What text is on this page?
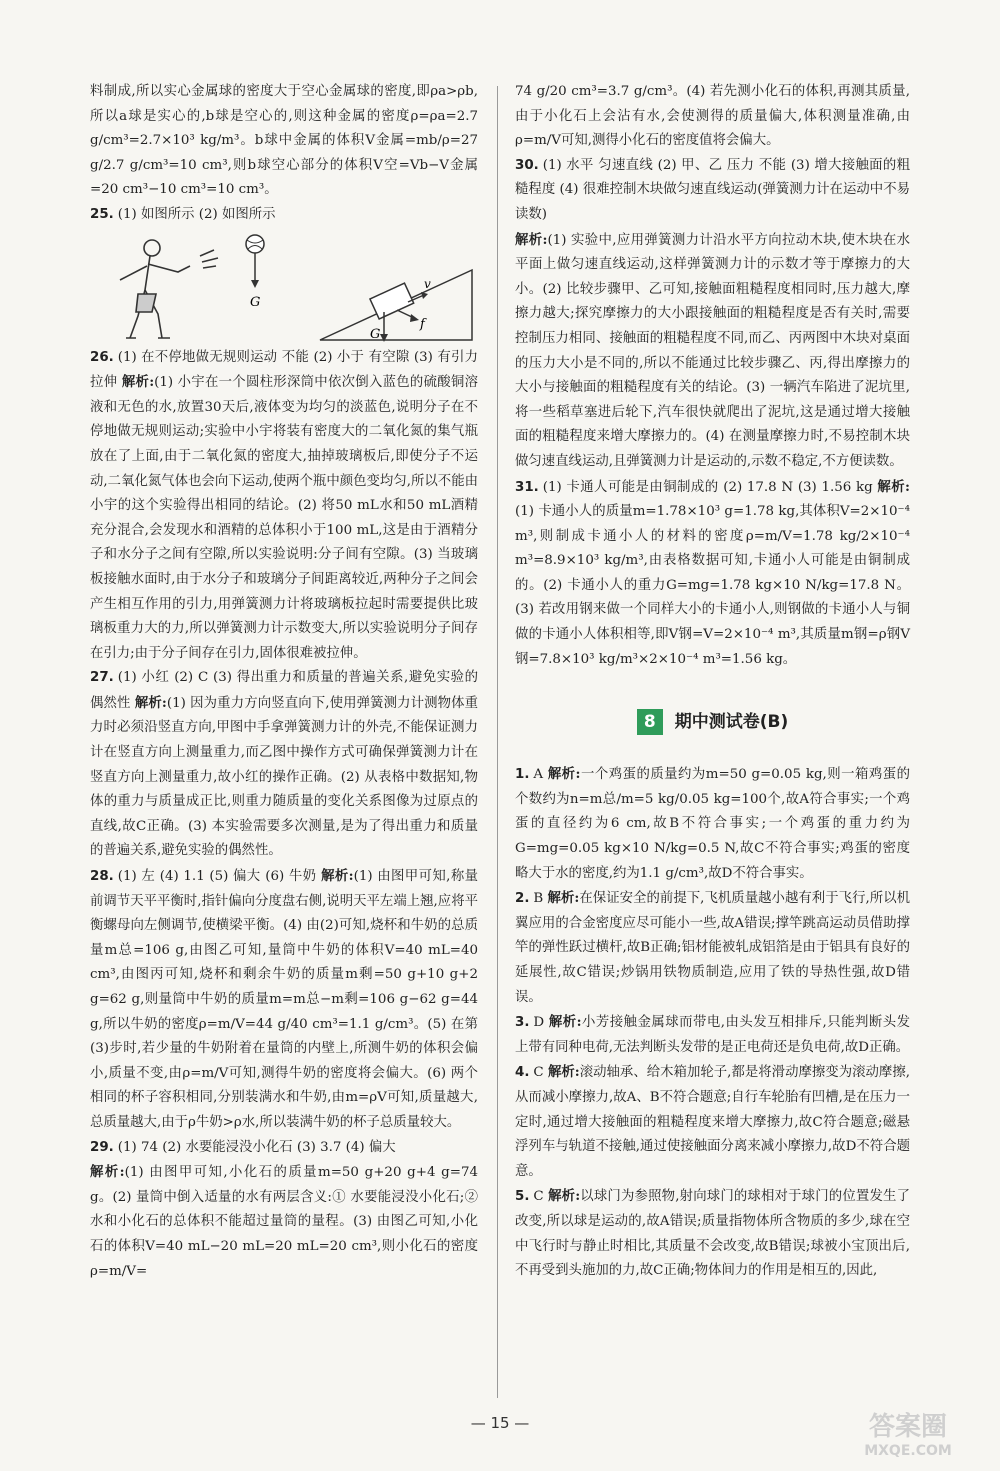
料制成,所以实心金属球的密度大于空心金属球的密度,即ρa>ρb,所以a球是实心的,b球是空心的,则这种金属的密度ρ=ρa=2.7 g/cm³=2.7×10³ kg/m³。b球中金属的体积V金属=mb/ρ=27 g/2.7 g/cm³=10 cm³,则b球空心部分的体积V空=Vb−V金属=20 cm³−10 cm³=10 cm³。

25. (1) 如图所示 (2) 如图所示

G
G
v
f

26. (1) 在不停地做无规则运动 不能 (2) 小于 有空隙 (3) 有引力 拉伸 解析:(1) 小宇在一个圆柱形深筒中依次倒入蓝色的硫酸铜溶液和无色的水,放置30天后,液体变为均匀的淡蓝色,说明分子在不停地做无规则运动;实验中小宇将装有密度大的二氧化氮的集气瓶放在了上面,由于二氧化氮的密度大,抽掉玻璃板后,即使分子不运动,二氧化氮气体也会向下运动,使两个瓶中颜色变均匀,所以不能由小宇的这个实验得出相同的结论。(2) 将50 mL水和50 mL酒精充分混合,会发现水和酒精的总体积小于100 mL,这是由于酒精分子和水分子之间有空隙,所以实验说明:分子间有空隙。(3) 当玻璃板接触水面时,由于水分子和玻璃分子间距离较近,两种分子之间会产生相互作用的引力,用弹簧测力计将玻璃板拉起时需要提供比玻璃板重力大的力,所以弹簧测力计示数变大,所以实验说明分子间存在引力;由于分子间存在引力,固体很难被拉伸。

27. (1) 小红 (2) C (3) 得出重力和质量的普遍关系,避免实验的偶然性 解析:(1) 因为重力方向竖直向下,使用弹簧测力计测物体重力时必须沿竖直方向,甲图中手拿弹簧测力计的外壳,不能保证测力计在竖直方向上测量重力,而乙图中操作方式可确保弹簧测力计在竖直方向上测量重力,故小红的操作正确。(2) 从表格中数据知,物体的重力与质量成正比,则重力随质量的变化关系图像为过原点的直线,故C正确。(3) 本实验需要多次测量,是为了得出重力和质量的普遍关系,避免实验的偶然性。

28. (1) 左 (4) 1.1 (5) 偏大 (6) 牛奶 解析:(1) 由图甲可知,称量前调节天平平衡时,指针偏向分度盘右侧,说明天平左端上翘,应将平衡螺母向左侧调节,使横梁平衡。(4) 由(2)可知,烧杯和牛奶的总质量m总=106 g,由图乙可知,量筒中牛奶的体积V=40 mL=40 cm³,由图丙可知,烧杯和剩余牛奶的质量m剩=50 g+10 g+2 g=62 g,则量筒中牛奶的质量m=m总−m剩=106 g−62 g=44 g,所以牛奶的密度ρ=m/V=44 g/40 cm³=1.1 g/cm³。(5) 在第(3)步时,若少量的牛奶附着在量筒的内壁上,所测牛奶的体积会偏小,质量不变,由ρ=m/V可知,测得牛奶的密度将会偏大。(6) 两个相同的杯子容积相同,分别装满水和牛奶,由m=ρV可知,质量越大,总质量越大,由于ρ牛奶>ρ水,所以装满牛奶的杯子总质量较大。

29. (1) 74 (2) 水要能浸没小化石 (3) 3.7 (4) 偏大

解析:(1) 由图甲可知,小化石的质量m=50 g+20 g+4 g=74 g。(2) 量筒中倒入适量的水有两层含义:① 水要能浸没小化石;② 水和小化石的总体积不能超过量筒的量程。(3) 由图乙可知,小化石的体积V=40 mL−20 mL=20 mL=20 cm³,则小化石的密度ρ=m/V=

74 g/20 cm³=3.7 g/cm³。(4) 若先测小化石的体积,再测其质量,由于小化石上会沾有水,会使测得的质量偏大,体积测量准确,由ρ=m/V可知,测得小化石的密度值将会偏大。

30. (1) 水平 匀速直线 (2) 甲、乙 压力 不能 (3) 增大接触面的粗糙程度 (4) 很难控制木块做匀速直线运动(弹簧测力计在运动中不易读数)

解析:(1) 实验中,应用弹簧测力计沿水平方向拉动木块,使木块在水平面上做匀速直线运动,这样弹簧测力计的示数才等于摩擦力的大小。(2) 比较步骤甲、乙可知,接触面粗糙程度相同时,压力越大,摩擦力越大;探究摩擦力的大小跟接触面的粗糙程度是否有关时,需要控制压力相同、接触面的粗糙程度不同,而乙、丙两图中木块对桌面的压力大小是不同的,所以不能通过比较步骤乙、丙,得出摩擦力的大小与接触面的粗糙程度有关的结论。(3) 一辆汽车陷进了泥坑里,将一些稻草塞进后轮下,汽车很快就爬出了泥坑,这是通过增大接触面的粗糙程度来增大摩擦力的。(4) 在测量摩擦力时,不易控制木块做匀速直线运动,且弹簧测力计是运动的,示数不稳定,不方便读数。

31. (1) 卡通人可能是由铜制成的 (2) 17.8 N (3) 1.56 kg 解析:(1) 卡通小人的质量m=1.78×10³ g=1.78 kg,其体积V=2×10⁻⁴ m³,则制成卡通小人的材料的密度ρ=m/V=1.78 kg/2×10⁻⁴ m³=8.9×10³ kg/m³,由表格数据可知,卡通小人可能是由铜制成的。(2) 卡通小人的重力G=mg=1.78 kg×10 N/kg=17.8 N。(3) 若改用钢来做一个同样大小的卡通小人,则钢做的卡通小人与铜做的卡通小人体积相等,即V钢=V=2×10⁻⁴ m³,其质量m钢=ρ钢V钢=7.8×10³ kg/m³×2×10⁻⁴ m³=1.56 kg。

8	期中测试卷(B)

1. A 解析:一个鸡蛋的质量约为m=50 g=0.05 kg,则一箱鸡蛋的个数约为n=m总/m=5 kg/0.05 kg=100个,故A符合事实;一个鸡蛋的直径约为6 cm,故B不符合事实;一个鸡蛋的重力约为G=mg=0.05 kg×10 N/kg=0.5 N,故C不符合事实;鸡蛋的密度略大于水的密度,约为1.1 g/cm³,故D不符合事实。

2. B 解析:在保证安全的前提下,飞机质量越小越有利于飞行,所以机翼应用的合金密度应尽可能小一些,故A错误;撑竿跳高运动员借助撑竿的弹性跃过横杆,故B正确;铝材能被轧成铝箔是由于铝具有良好的延展性,故C错误;炒锅用铁物质制造,应用了铁的导热性强,故D错误。

3. D 解析:小芳接触金属球而带电,由头发互相排斥,只能判断头发上带有同种电荷,无法判断头发带的是正电荷还是负电荷,故D正确。

4. C 解析:滚动轴承、给木箱加轮子,都是将滑动摩擦变为滚动摩擦,从而减小摩擦力,故A、B不符合题意;自行车轮胎有凹槽,是在压力一定时,通过增大接触面的粗糙程度来增大摩擦力,故C符合题意;磁悬浮列车与轨道不接触,通过使接触面分离来减小摩擦力,故D不符合题意。

5. C 解析:以球门为参照物,射向球门的球相对于球门的位置发生了改变,所以球是运动的,故A错误;质量指物体所含物质的多少,球在空中飞行时与静止时相比,其质量不会改变,故B错误;球被小宝顶出后,不再受到头施加的力,故C正确;物体间力的作用是相互的,因此,

— 15 —	答案圈
MXQE.COM
